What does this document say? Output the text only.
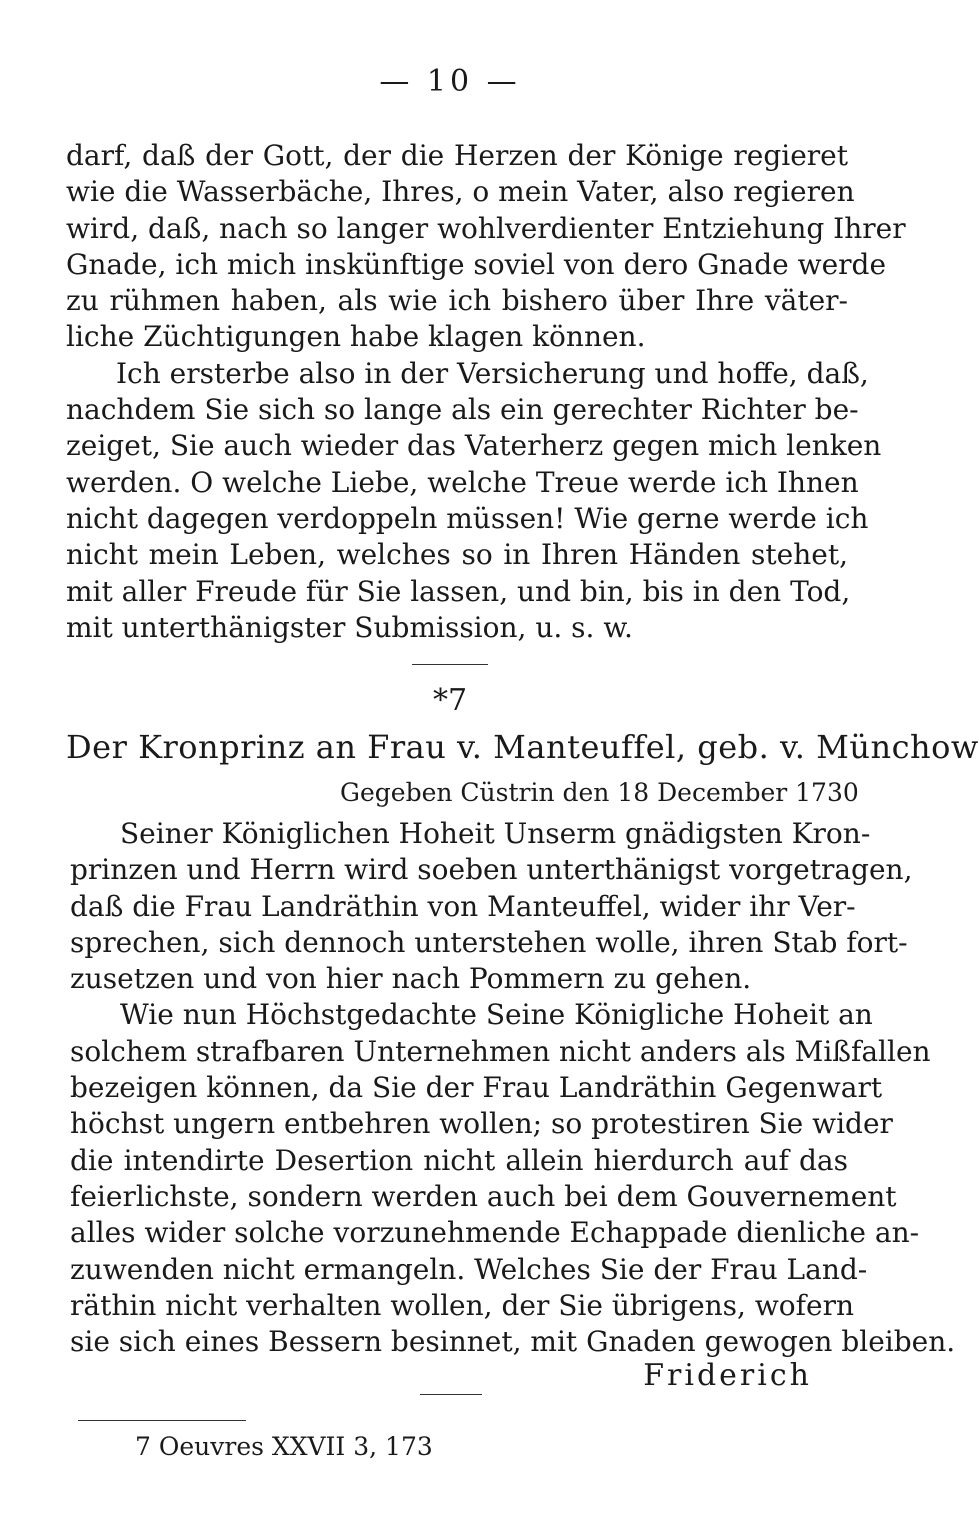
— 10 —
darf, daß der Gott, der die Herzen der Könige regieret
wie die Wasserbäche, Ihres, o mein Vater, also regieren
wird, daß, nach so langer wohlverdienter Entziehung Ihrer
Gnade, ich mich inskünftige soviel von dero Gnade werde
zu rühmen haben, als wie ich bishero über Ihre väter-
liche Züchtigungen habe klagen können.
Ich ersterbe also in der Versicherung und hoffe, daß,
nachdem Sie sich so lange als ein gerechter Richter be-
zeiget, Sie auch wieder das Vaterherz gegen mich lenken
werden. O welche Liebe, welche Treue werde ich Ihnen
nicht dagegen verdoppeln müssen! Wie gerne werde ich
nicht mein Leben, welches so in Ihren Händen stehet,
mit aller Freude für Sie lassen, und bin, bis in den Tod,
mit unterthänigster Submission, u. s. w.
*7
Der Kronprinz an Frau v. Manteuffel, geb. v. Münchow
Gegeben Cüstrin den 18 December 1730
Seiner Königlichen Hoheit Unserm gnädigsten Kron-
prinzen und Herrn wird soeben unterthänigst vorgetragen,
daß die Frau Landräthin von Manteuffel, wider ihr Ver-
sprechen, sich dennoch unterstehen wolle, ihren Stab fort-
zusetzen und von hier nach Pommern zu gehen.
Wie nun Höchstgedachte Seine Königliche Hoheit an
solchem strafbaren Unternehmen nicht anders als Mißfallen
bezeigen können, da Sie der Frau Landräthin Gegenwart
höchst ungern entbehren wollen; so protestiren Sie wider
die intendirte Desertion nicht allein hierdurch auf das
feierlichste, sondern werden auch bei dem Gouvernement
alles wider solche vorzunehmende Echappade dienliche an-
zuwenden nicht ermangeln. Welches Sie der Frau Land-
räthin nicht verhalten wollen, der Sie übrigens, wofern
sie sich eines Bessern besinnet, mit Gnaden gewogen bleiben.
Friderich
7 Oeuvres XXVII 3, 173
